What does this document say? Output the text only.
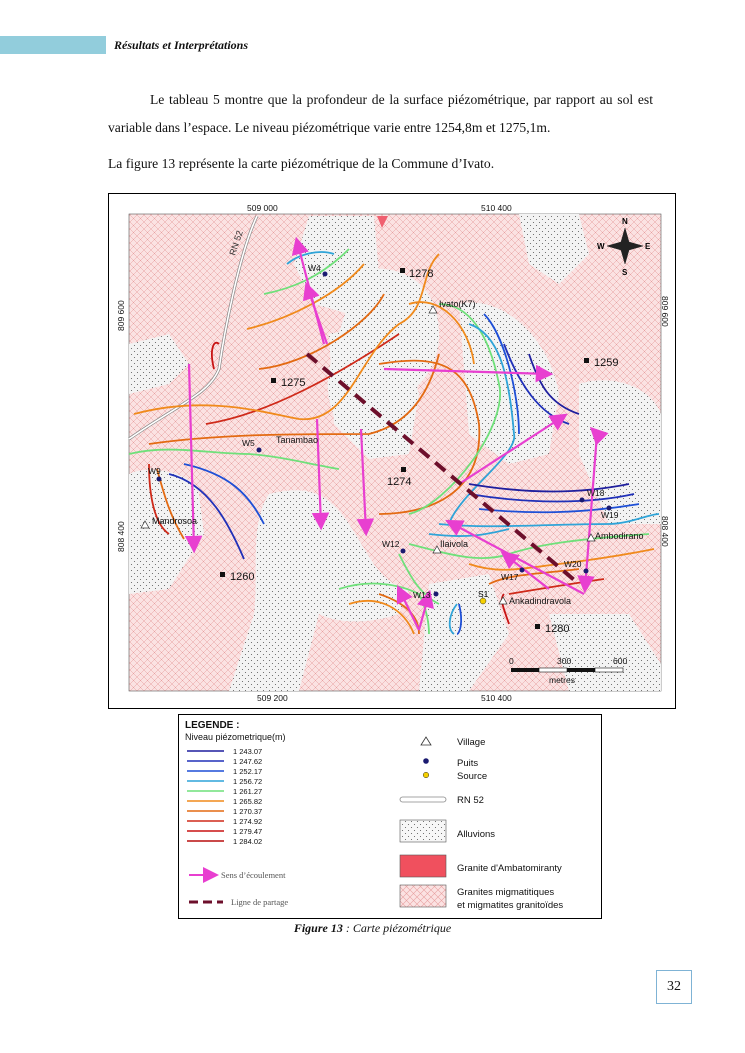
Résultats et Interprétations
Le tableau 5 montre que la profondeur de la surface piézométrique, par rapport au sol est variable dans l’espace. Le niveau piézométrique varie entre 1254,8m et 1275,1m.
La figure 13 représente la carte piézométrique de la Commune d’Ivato.
509 000	510 400
509 200	510 400
809 600
808 400
809 600
808 400
RN 52
N
S
E
W
W4
W5
W9
W12
W13
W17
W18
W19
W20
Ivato(K7)
Tanambao
Mandrosoa
Ilaivola
Ambodirano
Ankadindravola
S1
1278
1275
1259
1274
1260
1280
0	300	600
metres
LEGENDE :
Niveau piézometrique(m)
1 243.07
1 247.62
1 252.17
1 256.72
1 261.27
1 265.82
1 270.37
1 274.92
1 279.47
1 284.02
Sens d’écoulement
Ligne de partage
Village
Puits
Source
RN 52
Alluvions
Granite d'Ambatomiranty
Granites migmatitiques
et migmatites granitoïdes
Figure 13 : Carte piézométrique
32
